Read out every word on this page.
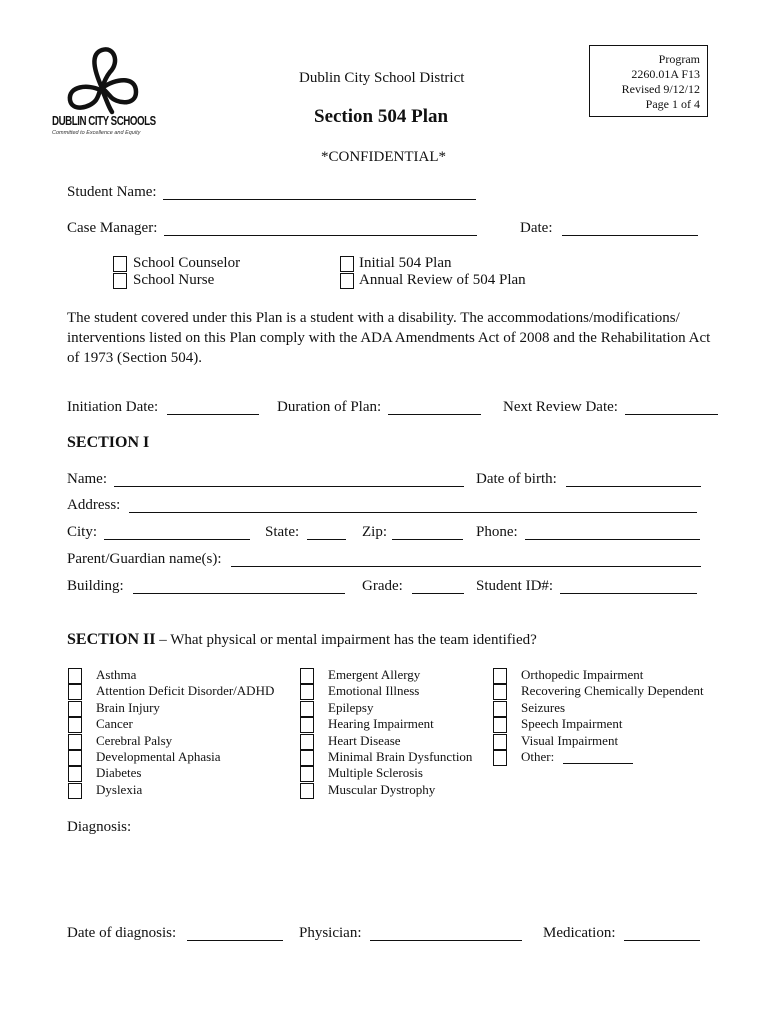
DUBLIN CITY SCHOOLS
Committed to Excellence and Equity
Dublin City School District
Section 504 Plan
*CONFIDENTIAL*
Program
2260.01A F13
Revised 9/12/12
Page 1 of 4
Student Name:
Case Manager:	Date:
School Counselor
School Nurse
Initial 504 Plan
Annual Review of 504 Plan
The student covered under this Plan is a student with a disability. The accommodations/modifications/ interventions listed on this Plan comply with the ADA Amendments Act of 2008 and the Rehabilitation Act of 1973 (Section 504).
Initiation Date:	Duration of Plan:	Next Review Date:
SECTION I
Name:	Date of birth:
Address:
City:	State:	Zip:	Phone:
Parent/Guardian name(s):
Building:	Grade:	Student ID#:
SECTION II – What physical or mental impairment has the team identified?
Asthma
Attention Deficit Disorder/ADHD
Brain Injury
Cancer
Cerebral Palsy
Developmental Aphasia
Diabetes
Dyslexia
Emergent Allergy
Emotional Illness
Epilepsy
Hearing Impairment
Heart Disease
Minimal Brain Dysfunction
Multiple Sclerosis
Muscular Dystrophy
Orthopedic Impairment
Recovering Chemically Dependent
Seizures
Speech Impairment
Visual Impairment
Other:
Diagnosis:
Date of diagnosis:	Physician:	Medication:
